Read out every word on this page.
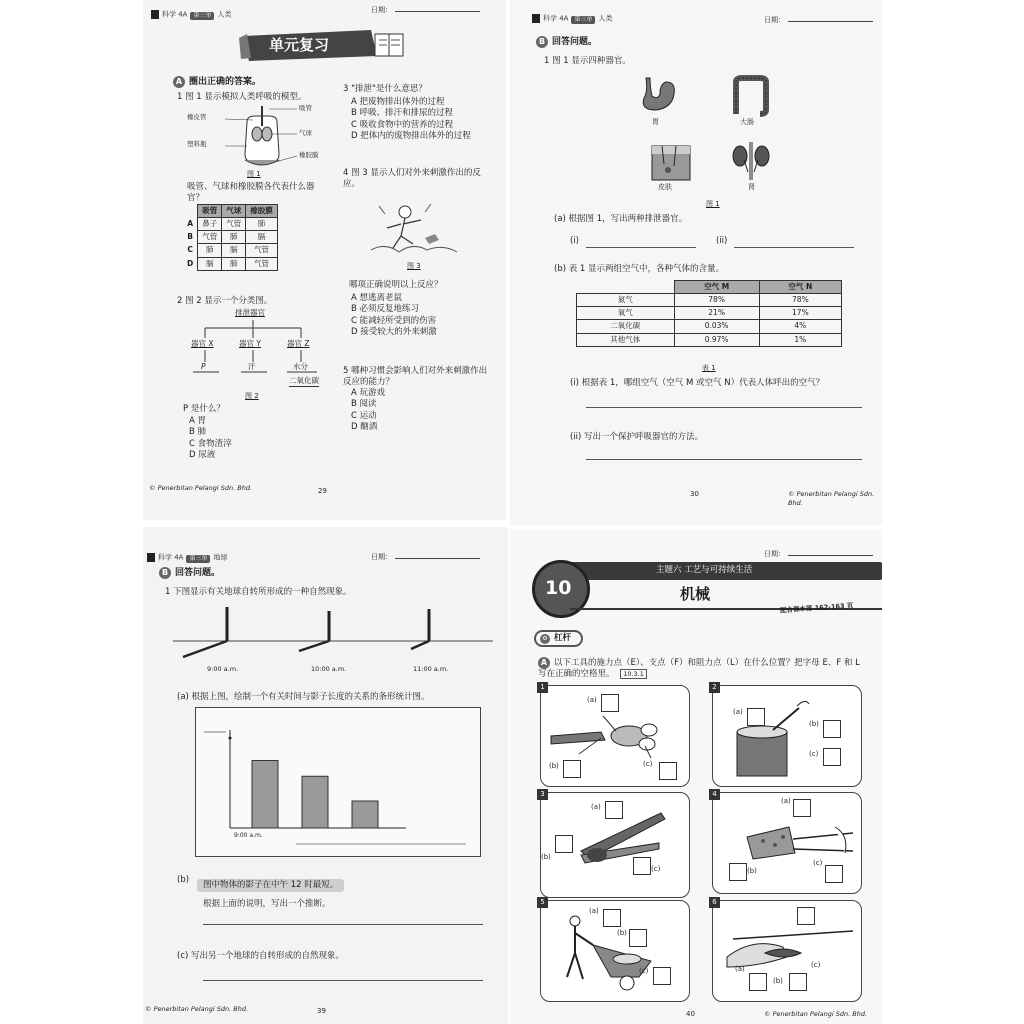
科学 4A 第三单 人类
日期：
单元复习
A 圈出正确的答案。
1 图 1 显示模拟人类呼吸的模型。
橡皮管
塑料瓶
吸管
气球
橡胶膜
图 1
吸管、气球和橡胶膜各代表什么器官？
	吸管	气球	橡胶膜
A	鼻子	气管	肺
B	气管	肺	膈
C	肺	膈	气管
D	膈	肺	气管
2 图 2 显示一个分类图。
排泄器官
器官 X	器官 Y	器官 Z
P	汗	水分
二氧化碳
图 2
P 是什么？
A 胃
B 肺
C 食物渣滓
D 尿液
3 "排泄"是什么意思？
A 把废物排出体外的过程
B 呼吸、排汗和排尿的过程
C 吸收食物中的营养的过程
D 把体内的废物排出体外的过程
4 图 3 显示人们对外来刺激作出的反应。
图 3
哪项正确说明以上反应？
A 想逃离老鼠
B 必须反复地练习
C 能减轻所受到的伤害
D 接受较大的外来刺激
5 哪种习惯会影响人们对外来刺激作出反应的能力？
A 玩游戏
B 阅读
C 运动
D 酗酒
© Penerbitan Pelangi Sdn. Bhd.	29
科学 4A 第三单 人类	日期：
B 回答问题。
1 图 1 显示四种器官。
胃	大肠
皮肤	肾
图 1
(a) 根据图 1，写出两种排泄器官。
(i)	(ii)
(b) 表 1 显示两组空气中，各种气体的含量。
	空气 M	空气 N
氮气	78%	78%
氧气	21%	17%
二氧化碳	0.03%	4%
其他气体	0.97%	1%
表 1
(i) 根据表 1，哪组空气（空气 M 或空气 N）代表人体呼出的空气？
(ii) 写出一个保护呼吸器官的方法。
30	© Penerbitan Pelangi Sdn. Bhd.
科学 4A 第三单 地球	日期：
B 回答问题。
1 下图显示有关地球自转所形成的一种自然现象。
9:00 a.m.	10:00 a.m.	11:00 a.m.
(a) 根据上图，绘制一个有关时间与影子长度的关系的条形统计图。
9:00 a.m.
(b)	图中物体的影子在中午 12 时最短。
根据上面的说明，写出一个推断。
(c) 写出另一个地球的自转形成的自然现象。
© Penerbitan Pelangi Sdn. Bhd.	39
日期：
主题六 工艺与可持续生活
10	机械
配合课本第 162-163 页
⚙ 杠杆
A 以下工具的施力点（E）、支点（F）和阻力点（L）在什么位置？把字母 E、F 和 L 写在正确的空格里。 10.3.1
1
(a)
(b)	(c)
2
(a)
(b)
(c)
3
(a)
(b)
(c)
4
(a)
(b)
(c)
5
(a)
(b)
(c)
6
(a)
(b)
(c)
40	© Penerbitan Pelangi Sdn. Bhd.
